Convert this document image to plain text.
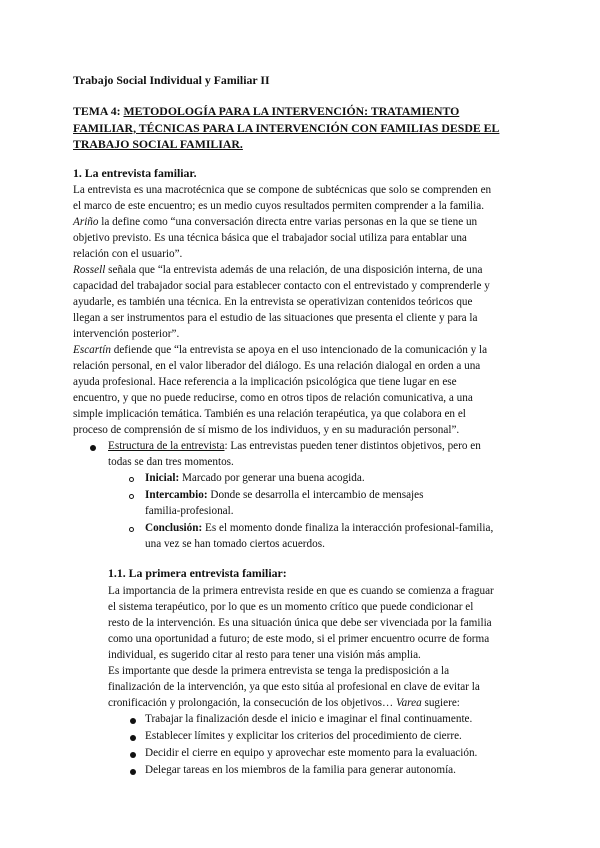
Trabajo Social Individual y Familiar II
TEMA 4: METODOLOGÍA PARA LA INTERVENCIÓN: TRATAMIENTO
FAMILIAR, TÉCNICAS PARA LA INTERVENCIÓN CON FAMILIAS DESDE EL
TRABAJO SOCIAL FAMILIAR.
1. La entrevista familiar.
La entrevista es una macrotécnica que se compone de subtécnicas que solo se comprenden en
el marco de este encuentro; es un medio cuyos resultados permiten comprender a la familia.
Ariño la define como “una conversación directa entre varias personas en la que se tiene un
objetivo previsto. Es una técnica básica que el trabajador social utiliza para entablar una
relación con el usuario”.
Rossell señala que “la entrevista además de una relación, de una disposición interna, de una
capacidad del trabajador social para establecer contacto con el entrevistado y comprenderle y
ayudarle, es también una técnica. En la entrevista se operativizan contenidos teóricos que
llegan a ser instrumentos para el estudio de las situaciones que presenta el cliente y para la
intervención posterior”.
Escartín defiende que “la entrevista se apoya en el uso intencionado de la comunicación y la
relación personal, en el valor liberador del diálogo. Es una relación dialogal en orden a una
ayuda profesional. Hace referencia a la implicación psicológica que tiene lugar en ese
encuentro, y que no puede reducirse, como en otros tipos de relación comunicativa, a una
simple implicación temática. También es una relación terapéutica, ya que colabora en el
proceso de comprensión de sí mismo de los individuos, y en su maduración personal”.
Estructura de la entrevista: Las entrevistas pueden tener distintos objetivos, pero en
todas se dan tres momentos.
Inicial: Marcado por generar una buena acogida.
Intercambio: Donde se desarrolla el intercambio de mensajes
familia-profesional.
Conclusión: Es el momento donde finaliza la interacción profesional-familia,
una vez se han tomado ciertos acuerdos.
1.1. La primera entrevista familiar:
La importancia de la primera entrevista reside en que es cuando se comienza a fraguar
el sistema terapéutico, por lo que es un momento crítico que puede condicionar el
resto de la intervención. Es una situación única que debe ser vivenciada por la familia
como una oportunidad a futuro; de este modo, si el primer encuentro ocurre de forma
individual, es sugerido citar al resto para tener una visión más amplia.
Es importante que desde la primera entrevista se tenga la predisposición a la
finalización de la intervención, ya que esto sitúa al profesional en clave de evitar la
cronificación y prolongación, la consecución de los objetivos… Varea sugiere:
Trabajar la finalización desde el inicio e imaginar el final continuamente.
Establecer límites y explicitar los criterios del procedimiento de cierre.
Decidir el cierre en equipo y aprovechar este momento para la evaluación.
Delegar tareas en los miembros de la familia para generar autonomía.
